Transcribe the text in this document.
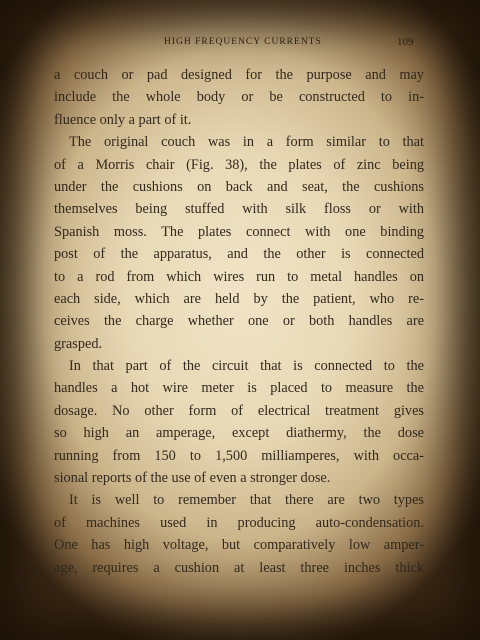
HIGH FREQUENCY CURRENTS	109
a couch or pad designed for the purpose and may
include the whole body or be constructed to in-
fluence only a part of it.
The original couch was in a form similar to that
of a Morris chair (Fig. 38), the plates of zinc being
under the cushions on back and seat, the cushions
themselves being stuffed with silk floss or with
Spanish moss. The plates connect with one binding
post of the apparatus, and the other is connected
to a rod from which wires run to metal handles on
each side, which are held by the patient, who re-
ceives the charge whether one or both handles are
grasped.
In that part of the circuit that is connected to the
handles a hot wire meter is placed to measure the
dosage. No other form of electrical treatment gives
so high an amperage, except diathermy, the dose
running from 150 to 1,500 milliamperes, with occa-
sional reports of the use of even a stronger dose.
It is well to remember that there are two types
of machines used in producing auto-condensation.
One has high voltage, but comparatively low amper-
age, requires a cushion at least three inches thick
